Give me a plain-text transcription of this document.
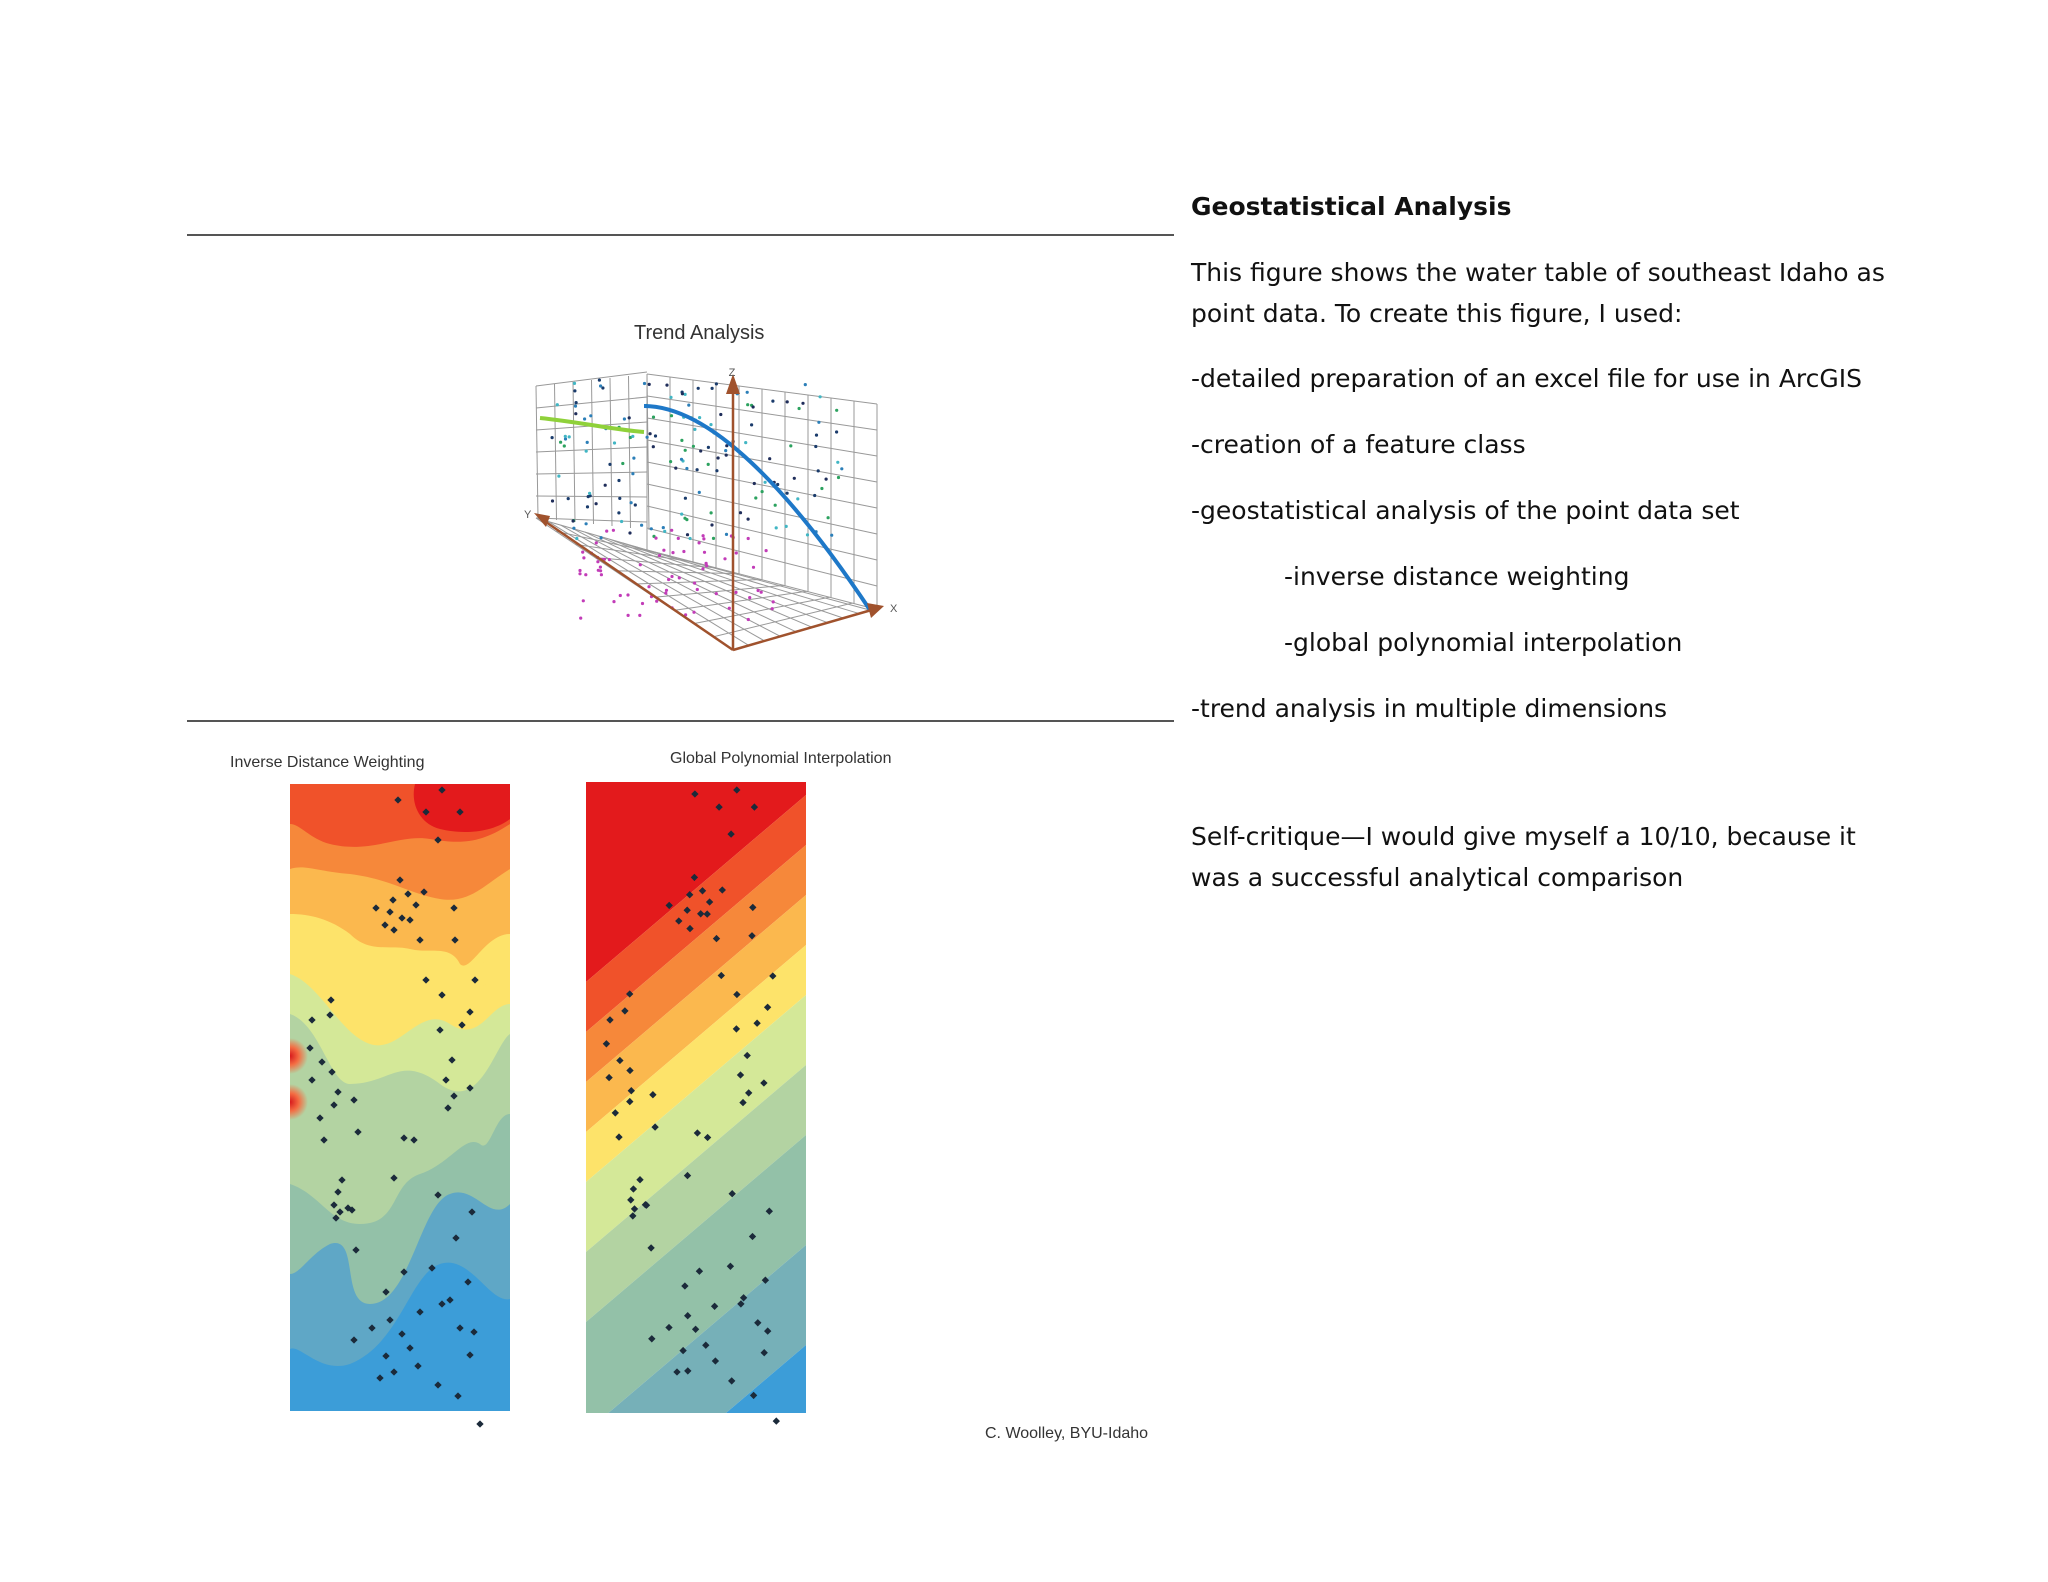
Trend Analysis
Z
Y
X
Inverse Distance Weighting	Global Polynomial Interpolation
C. Woolley, BYU-Idaho

Geostatistical Analysis

This figure shows the water table of southeast Idaho as point data. To create this figure, I used:

-detailed preparation of an excel file for use in ArcGIS

-creation of a feature class

-geostatistical analysis of the point data set

-inverse distance weighting

-global polynomial interpolation

-trend analysis in multiple dimensions

Self-critique—I would give myself a 10/10, because it was a successful analytical comparison
